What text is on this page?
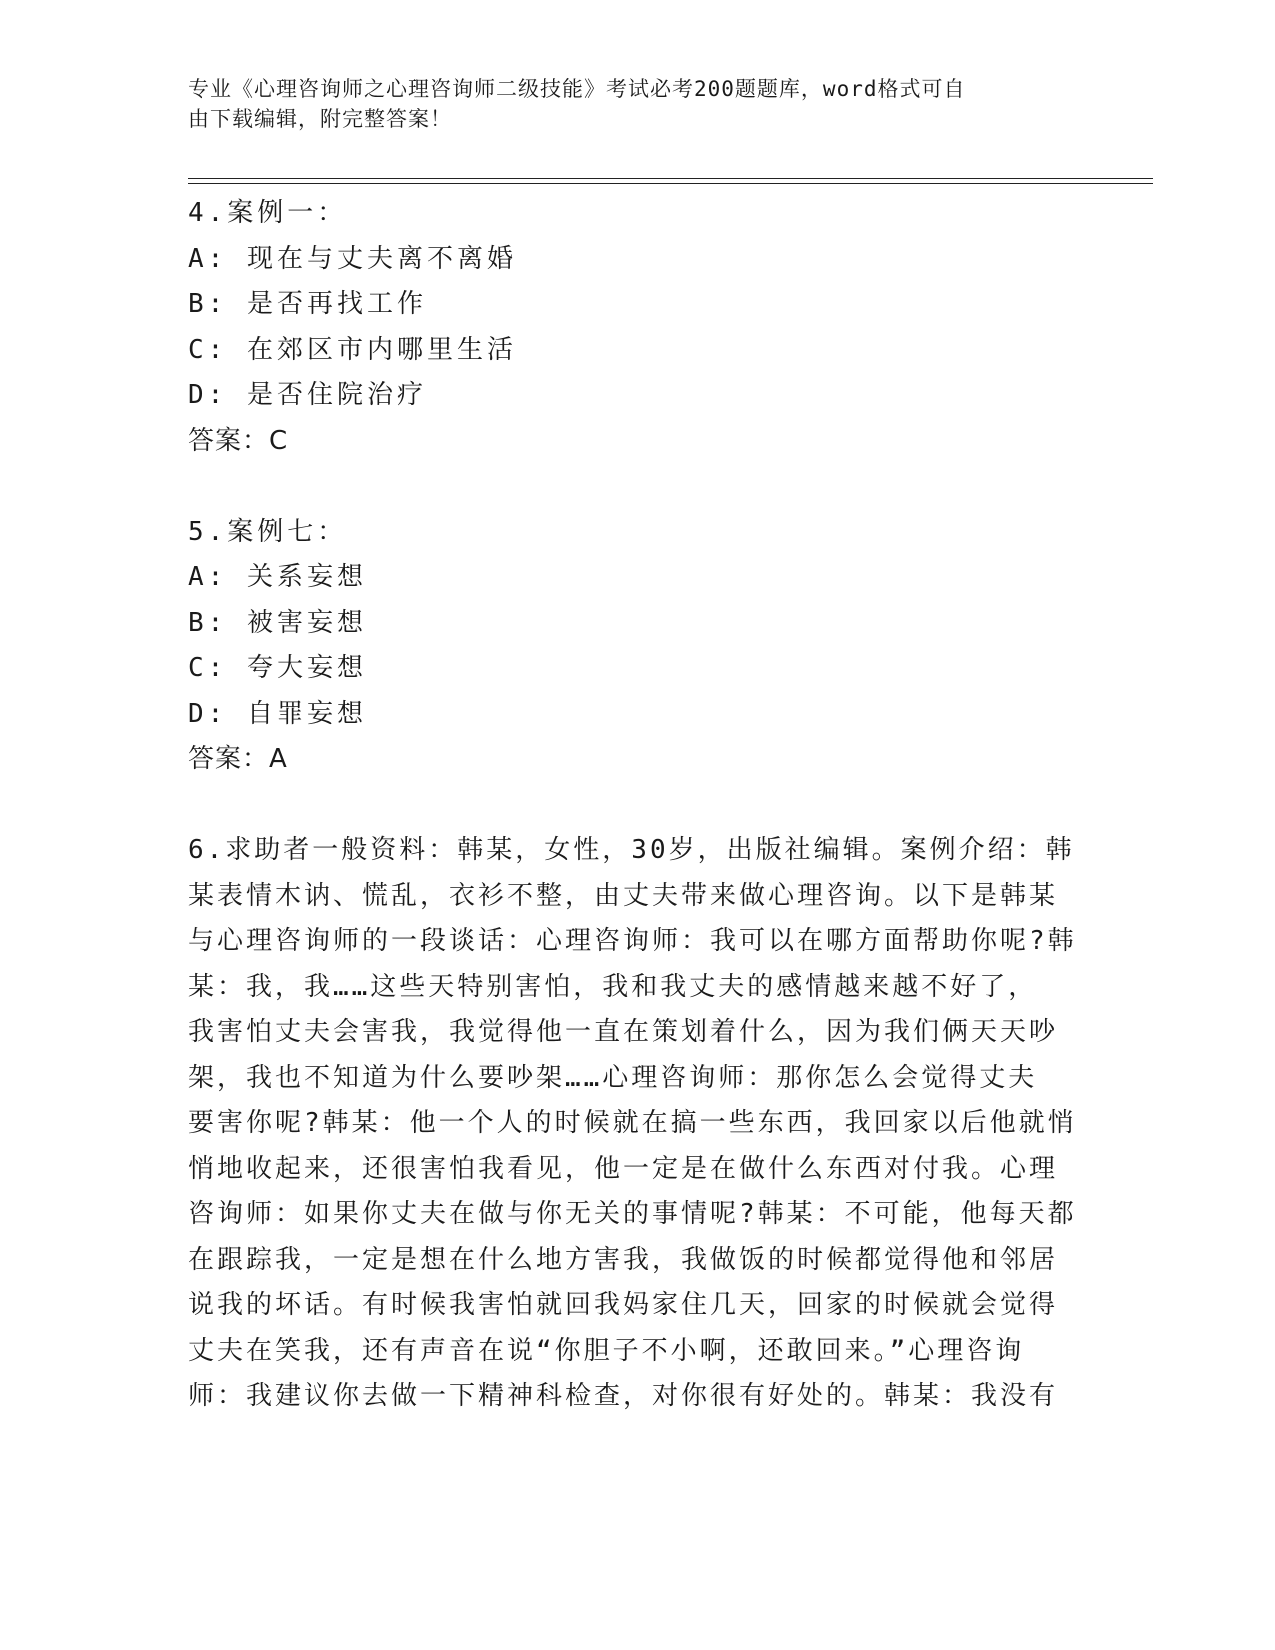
专业《心理咨询师之心理咨询师二级技能》考试必考200题题库，word格式可自
由下载编辑，附完整答案！
4.案例一：
A: 现在与丈夫离不离婚
B: 是否再找工作
C: 在郊区市内哪里生活
D: 是否住院治疗
答案：C
5.案例七：
A: 关系妄想
B: 被害妄想
C: 夸大妄想
D: 自罪妄想
答案：A
6.求助者一般资料：韩某，女性，30岁，出版社编辑。案例介绍：韩
某表情木讷、慌乱，衣衫不整，由丈夫带来做心理咨询。以下是韩某
与心理咨询师的一段谈话：心理咨询师：我可以在哪方面帮助你呢?韩
某：我，我……这些天特别害怕，我和我丈夫的感情越来越不好了，
我害怕丈夫会害我，我觉得他一直在策划着什么，因为我们俩天天吵
架，我也不知道为什么要吵架……心理咨询师：那你怎么会觉得丈夫
要害你呢?韩某：他一个人的时候就在搞一些东西，我回家以后他就悄
悄地收起来，还很害怕我看见，他一定是在做什么东西对付我。心理
咨询师：如果你丈夫在做与你无关的事情呢?韩某：不可能，他每天都
在跟踪我，一定是想在什么地方害我，我做饭的时候都觉得他和邻居
说我的坏话。有时候我害怕就回我妈家住几天，回家的时候就会觉得
丈夫在笑我，还有声音在说“你胆子不小啊，还敢回来。”心理咨询
师：我建议你去做一下精神科检查，对你很有好处的。韩某：我没有
